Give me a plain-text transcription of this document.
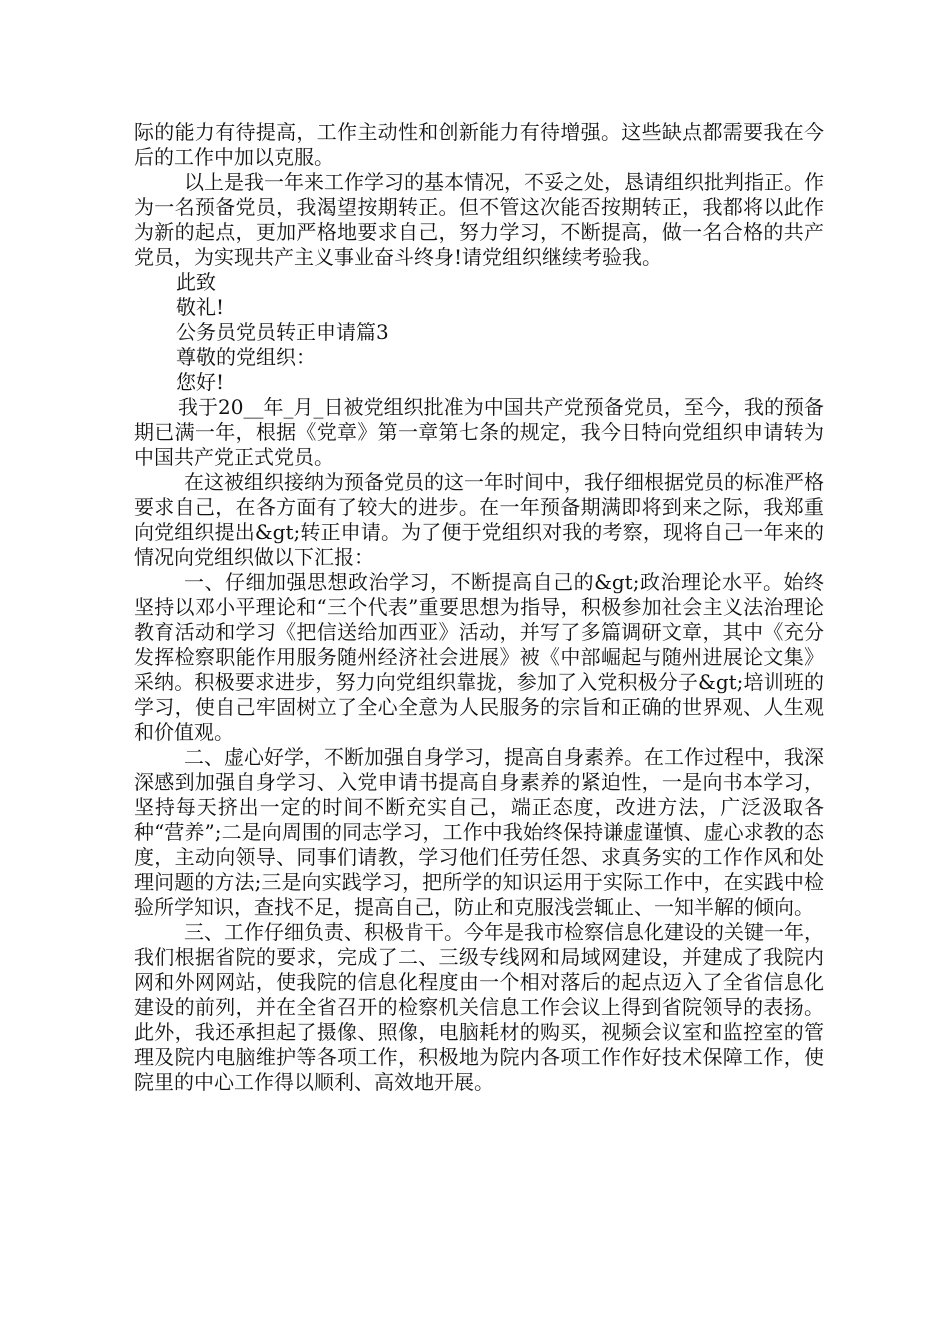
际的能力有待提高，工作主动性和创新能力有待增强。这些缺点都需要我在今后的工作中加以克服。

以上是我一年来工作学习的基本情况，不妥之处，恳请组织批判指正。作为一名预备党员，我渴望按期转正。但不管这次能否按期转正，我都将以此作为新的起点，更加严格地要求自己，努力学习，不断提高，做一名合格的共产党员，为实现共产主义事业奋斗终身!请党组织继续考验我。

此致

敬礼!

公务员党员转正申请篇3

尊敬的党组织：

您好!

我于20__年_月_日被党组织批准为中国共产党预备党员，至今，我的预备期已满一年，根据《党章》第一章第七条的规定，我今日特向党组织申请转为中国共产党正式党员。

在这被组织接纳为预备党员的这一年时间中，我仔细根据党员的标准严格要求自己，在各方面有了较大的进步。在一年预备期满即将到来之际，我郑重向党组织提出&gt;转正申请。为了便于党组织对我的考察，现将自己一年来的情况向党组织做以下汇报：

一、仔细加强思想政治学习，不断提高自己的&gt;政治理论水平。始终坚持以邓小平理论和“三个代表”重要思想为指导，积极参加社会主义法治理论教育活动和学习《把信送给加西亚》活动，并写了多篇调研文章，其中《充分发挥检察职能作用服务随州经济社会进展》被《中部崛起与随州进展论文集》采纳。积极要求进步，努力向党组织靠拢，参加了入党积极分子&gt;培训班的学习，使自己牢固树立了全心全意为人民服务的宗旨和正确的世界观、人生观和价值观。

二、虚心好学，不断加强自身学习，提高自身素养。在工作过程中，我深深感到加强自身学习、入党申请书提高自身素养的紧迫性，一是向书本学习，坚持每天挤出一定的时间不断充实自己，端正态度，改进方法，广泛汲取各种“营养”;二是向周围的同志学习，工作中我始终保持谦虚谨慎、虚心求教的态度，主动向领导、同事们请教，学习他们任劳任怨、求真务实的工作作风和处理问题的方法;三是向实践学习，把所学的知识运用于实际工作中，在实践中检验所学知识，查找不足，提高自己，防止和克服浅尝辄止、一知半解的倾向。

三、工作仔细负责、积极肯干。今年是我市检察信息化建设的关键一年，我们根据省院的要求，完成了二、三级专线网和局域网建设，并建成了我院内网和外网网站，使我院的信息化程度由一个相对落后的起点迈入了全省信息化建设的前列，并在全省召开的检察机关信息工作会议上得到省院领导的表扬。此外，我还承担起了摄像、照像，电脑耗材的购买，视频会议室和监控室的管理及院内电脑维护等各项工作，积极地为院内各项工作作好技术保障工作，使院里的中心工作得以顺利、高效地开展。
